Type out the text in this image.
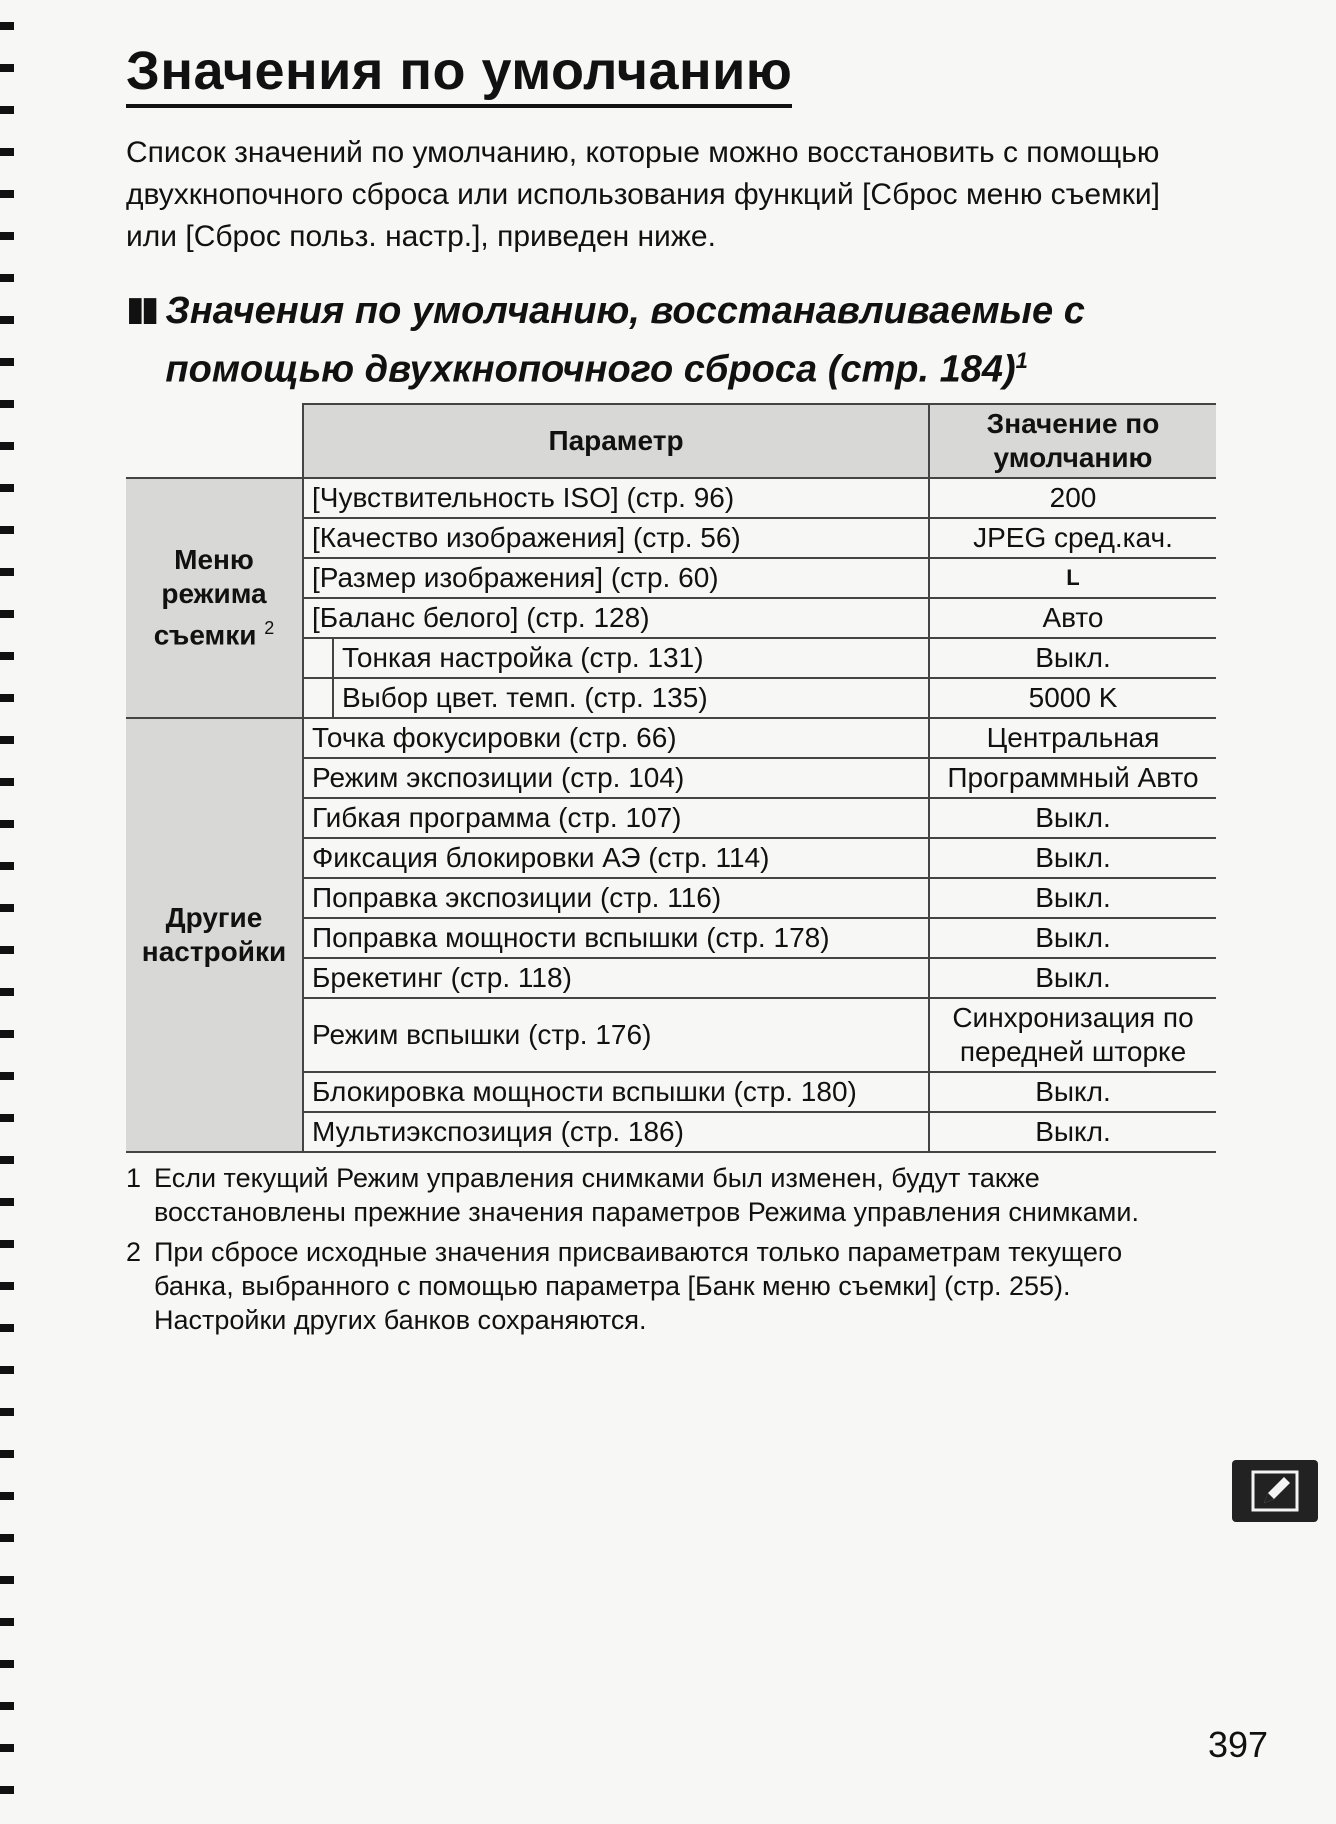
Значения по умолчанию
Список значений по умолчанию, которые можно восстановить с помощью двухкнопочного сброса или использования функций [Сброс меню съемки] или [Сброс польз. настр.], приведен ниже.
▮▮ Значения по умолчанию, восстанавливаемые с помощью двухкнопочного сброса (стр. 184)$^1$
	Параметр		Значение по умолчанию
Меню режима съемки $^2$	[Чувствительность ISO] (стр. 96)		200
	[Качество изображения] (стр. 56)		JPEG сред.кач.
	[Размер изображения] (стр. 60)		L
	[Баланс белого] (стр. 128)		Авто
		Тонкая настройка (стр. 131)	Выкл.
		Выбор цвет. темп. (стр. 135)	5000 K
Другие настройки	Точка фокусировки (стр. 66)		Центральная
	Режим экспозиции (стр. 104)		Программный Авто
	Гибкая программа (стр. 107)		Выкл.
	Фиксация блокировки АЭ (стр. 114)		Выкл.
	Поправка экспозиции (стр. 116)		Выкл.
	Поправка мощности вспышки (стр. 178)		Выкл.
	Брекетинг (стр. 118)		Выкл.
	Режим вспышки (стр. 176)		Синхронизация по передней шторке
	Блокировка мощности вспышки (стр. 180)		Выкл.
	Мультиэкспозиция (стр. 186)		Выкл.
1 Если текущий Режим управления снимками был изменен, будут также восстановлены прежние значения параметров Режима управления снимками.
2 При сбросе исходные значения присваиваются только параметрам текущего банка, выбранного с помощью параметра [Банк меню съемки] (стр. 255). Настройки других банков сохраняются.
397
